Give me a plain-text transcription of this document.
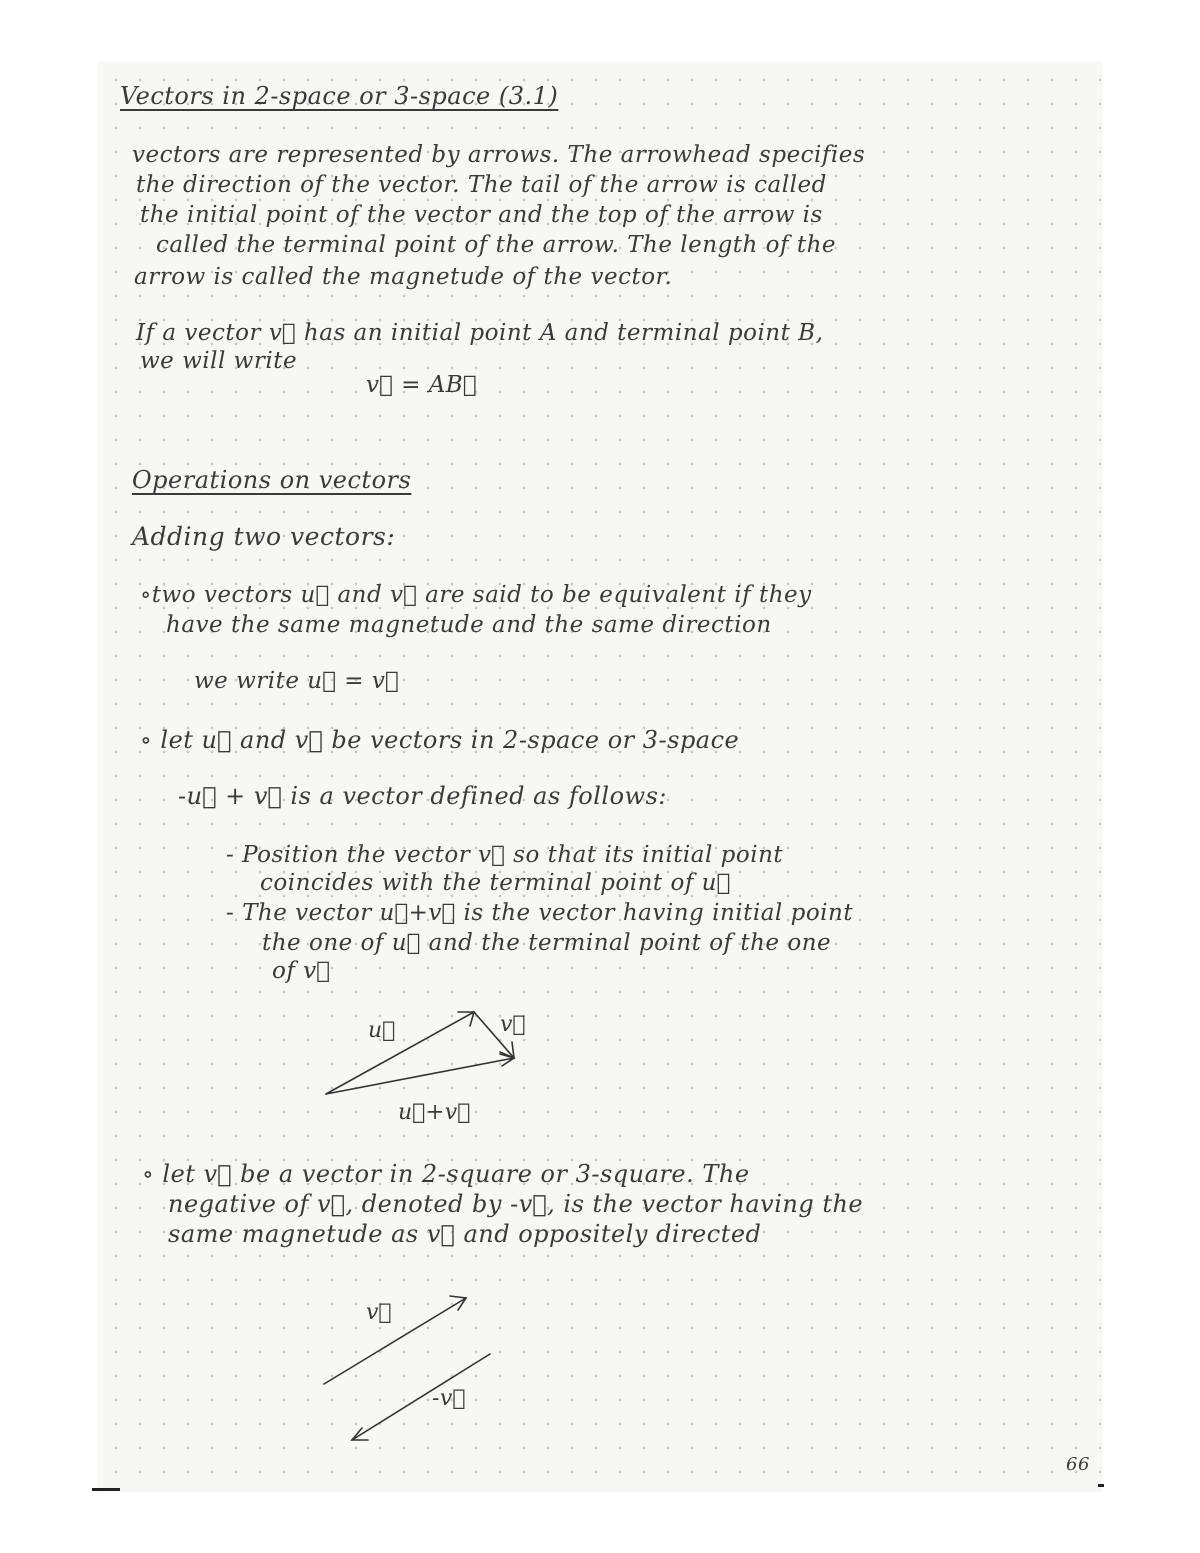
Vectors in 2-space or 3-space (3.1)
vectors are represented by arrows. The arrowhead specifies
the direction of the vector. The tail of the arrow is called
the initial point of the vector and the top of the arrow is
called the terminal point of the arrow. The length of the
arrow is called the magnetude of the vector.
If a vector v⃗ has an initial point A and terminal point B,
we will write
v⃗ = AB⃗
Operations on vectors
Adding two vectors:
∘two vectors u⃗ and v⃗ are said to be equivalent if they
have the same magnetude and the same direction
we write u⃗ = v⃗
∘ let u⃗ and v⃗ be vectors in 2-space or 3-space
-u⃗ + v⃗ is a vector defined as follows:
- Position the vector v⃗ so that its initial point
coincides with the terminal point of u⃗
- The vector u⃗+v⃗ is the vector having initial point
the one of u⃗ and the terminal point of the one
of v⃗
u⃗	v⃗
u⃗+v⃗
∘ let v⃗ be a vector in 2-square or 3-square. The
negative of v⃗, denoted by -v⃗, is the vector having the
same magnetude as v⃗ and oppositely directed
v⃗
-v⃗
66
